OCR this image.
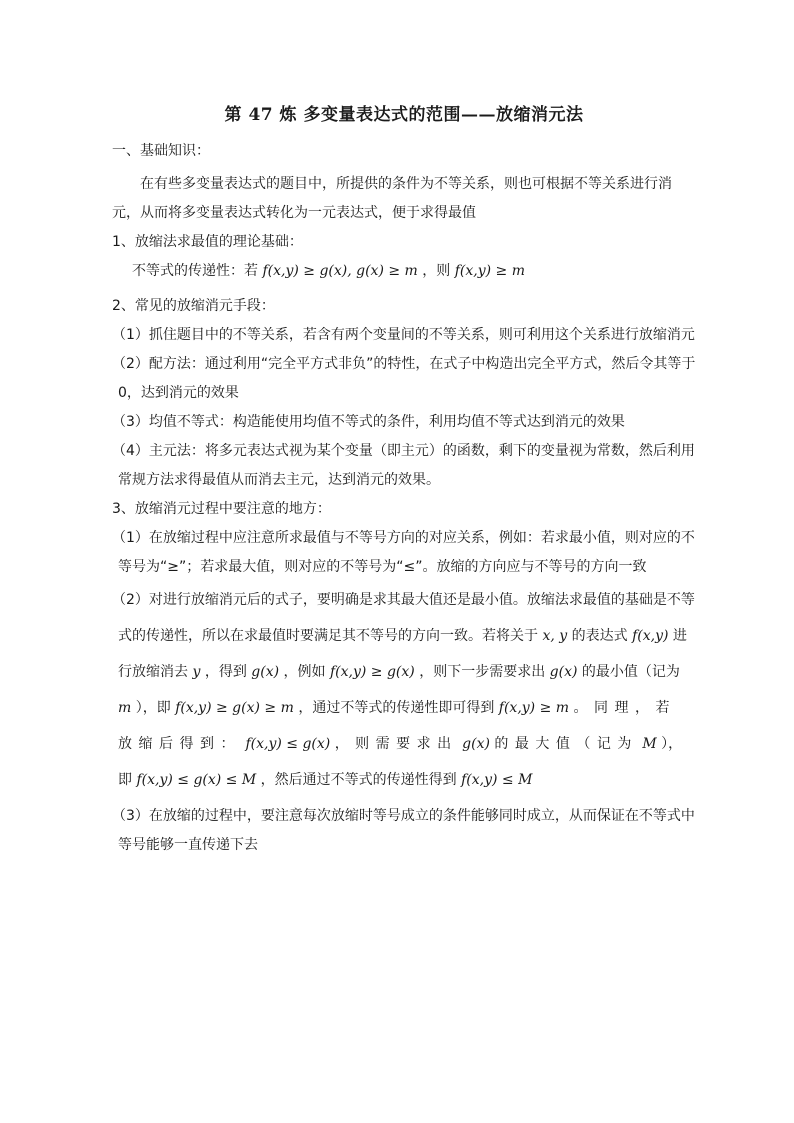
第 47 炼 多变量表达式的范围——放缩消元法

一、基础知识：

在有些多变量表达式的题目中，所提供的条件为不等关系，则也可根据不等关系进行消元，从而将多变量表达式转化为一元表达式，便于求得最值

1、放缩法求最值的理论基础：

不等式的传递性：若 f(x,y) ≥ g(x), g(x) ≥ m ，则 f(x,y) ≥ m

2、常见的放缩消元手段：

（1）抓住题目中的不等关系，若含有两个变量间的不等关系，则可利用这个关系进行放缩消元

（2）配方法：通过利用“完全平方式非负”的特性，在式子中构造出完全平方式，然后令其等于 0，达到消元的效果

（3）均值不等式：构造能使用均值不等式的条件，利用均值不等式达到消元的效果

（4）主元法：将多元表达式视为某个变量（即主元）的函数，剩下的变量视为常数，然后利用常规方法求得最值从而消去主元，达到消元的效果。

3、放缩消元过程中要注意的地方：

（1）在放缩过程中应注意所求最值与不等号方向的对应关系，例如：若求最小值，则对应的不等号为“≥”；若求最大值，则对应的不等号为“≤”。放缩的方向应与不等号的方向一致

（2）对进行放缩消元后的式子，要明确是求其最大值还是最小值。放缩法求最值的基础是不等式的传递性，所以在求最值时要满足其不等号的方向一致。若将关于 x, y 的表达式 f(x,y) 进行放缩消去 y ，得到 g(x) ，例如 f(x,y) ≥ g(x) ，则下一步需要求出 g(x) 的最小值（记为 m ），即 f(x,y) ≥ g(x) ≥ m ，通过不等式的传递性即可得到 f(x,y) ≥ m 。同理，若放缩后得到： f(x,y) ≤ g(x) ，则需要求出 g(x) 的最大值（记为 M ），即 f(x,y) ≤ g(x) ≤ M ，然后通过不等式的传递性得到 f(x,y) ≤ M

（3）在放缩的过程中，要注意每次放缩时等号成立的条件能够同时成立，从而保证在不等式中等号能够一直传递下去
